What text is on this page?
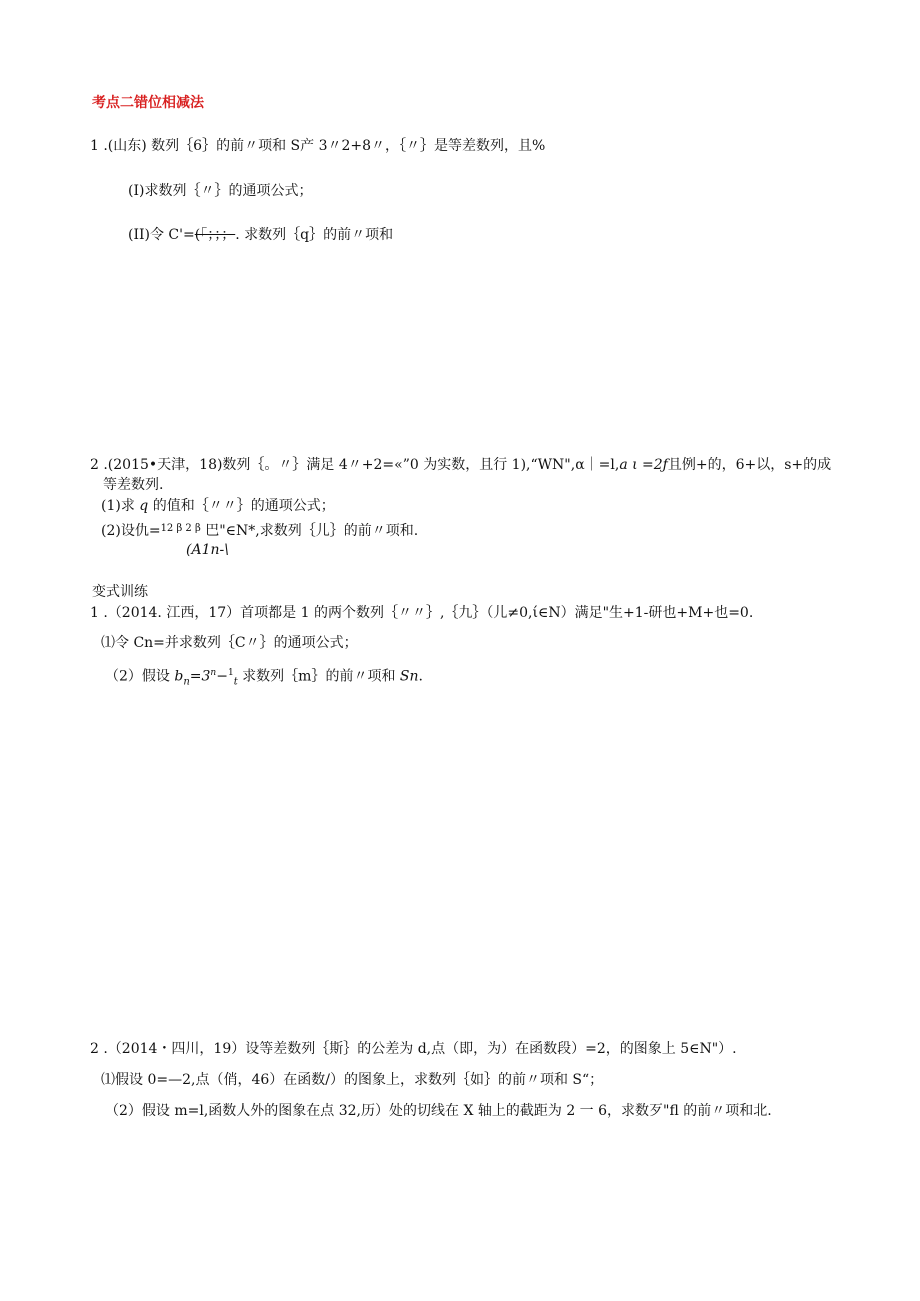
考点二错位相减法
1 .(山东) 数列｛6｝的前〃项和 S产 3〃2+8〃，｛〃｝是等差数列，且%
(I)求数列｛〃｝的通项公式；
(II)令 C'=(「；；；. 求数列｛q｝的前〃项和
2 .(2015•天津，18)数列｛。〃｝满足 4〃+2=«”0 为实数，且行 1),“WN",α｜=l,a ι =2ƒ且例+的，6+以，s+的成
等差数列.
(1)求 q 的值和｛〃〃｝的通项公式；
(2)设仇=$^{12 \beta 2 \beta}$ 巴"∈N*,求数列｛儿｝的前〃项和.
(A1n-\
变式训练
1 .（2014. 江西，17）首项都是 1 的两个数列｛〃〃｝,｛九｝（儿≠0,ί∈N）满足"生+1-研也+M+也=0.
⑴令 Cn=并求数列｛C〃｝的通项公式；
（2）假设 $b_n=3^n-^1_t$ 求数列｛m｝的前〃项和 Sn.
2 .（2014・四川，19）设等差数列｛斯｝的公差为 d,点（即，为）在函数段）=2，的图象上 5∈N"）.
⑴假设 0=—2,点（俏，46）在函数/）的图象上，求数列｛如｝的前〃项和 S“；
（2）假设 m=l,函数人外的图象在点 32,历）处的切线在 X 轴上的截距为 2 一 6，求数歹"fl 的前〃项和北.
